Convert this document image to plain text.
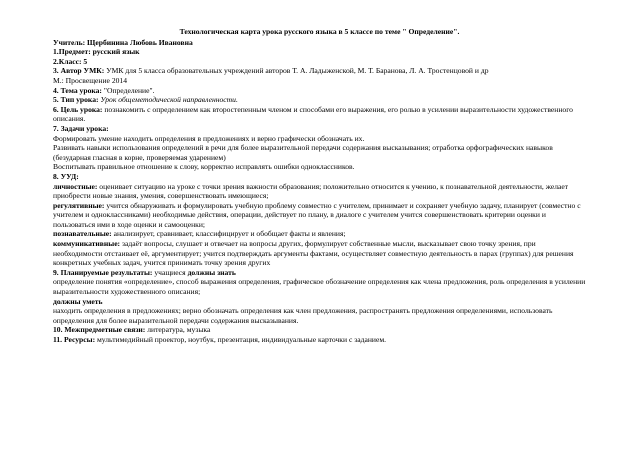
Технологическая карта урока русского языка в 5 классе по теме " Определение".
Учитель: Щербинина Любовь Ивановна
1.Предмет: русский язык
2.Класс: 5
3. Автор УМК: УМК для 5 класса образовательных учреждений авторов Т. А. Ладыженской, М. Т. Баранова, Л. А. Тростенцовой и др
М.: Просвещение 2014
4. Тема урока: "Определение".
5. Тип урока: Урок общеметодической направленности.
6. Цель урока: познакомить с определением как второстепенным членом и способами его выражения, его ролью в усилении выразительности художественного описания.
7. Задачи урока:
Формировать умение находить определения в предложениях и верно графически обозначать их.
Развивать навыки использования определений в речи для более выразительной передачи содержания высказывания; отработка орфографических навыков (безударная гласная в корне, проверяемая ударением)
Воспитывать правильное отношение к слову, корректно исправлять ошибки одноклассников.
8. УУД:
личностные: оценивает ситуацию на уроке с точки зрения важности образования; положительно относится к учению, к познавательной деятельности, желает приобрести новые знания, умения, совершенствовать имеющиеся;
регулятивные: учится обнаруживать и формулировать учебную проблему совместно с учителем, принимает и сохраняет учебную задачу, планирует (совместно с учителем и одноклассниками) необходимые действия, операции, действует по плану, в диалоге с учителем учится совершенствовать критерии оценки и пользоваться ими в ходе оценки и самооценки;
познавательные: анализирует, сравнивает, классифицирует и обобщает факты и явления;
коммуникативные: задаёт вопросы, слушает и отвечает на вопросы других, формулирует собственные мысли, высказывает свою точку зрения, при необходимости отстаивает её, аргументирует; учится подтверждать аргументы фактами, осуществляет совместную деятельность в парах (группах) для решения конкретных учебных задач, учится принимать точку зрения других
9. Планируемые результаты: учащиеся должны знать
определение понятия «определение», способ выражения определения, графическое обозначение определения как члена предложения, роль определения в усилении выразительности художественного описания;
должны уметь
находить определения в предложениях; верно обозначать определения как член предложения, распространять предложения определениями, использовать определения для более выразительной передачи содержания высказывания.
10. Межпредметные связи: литература, музыка
11. Ресурсы: мультимедийный проектор, ноутбук, презентация, индивидуальные карточки с заданием.
